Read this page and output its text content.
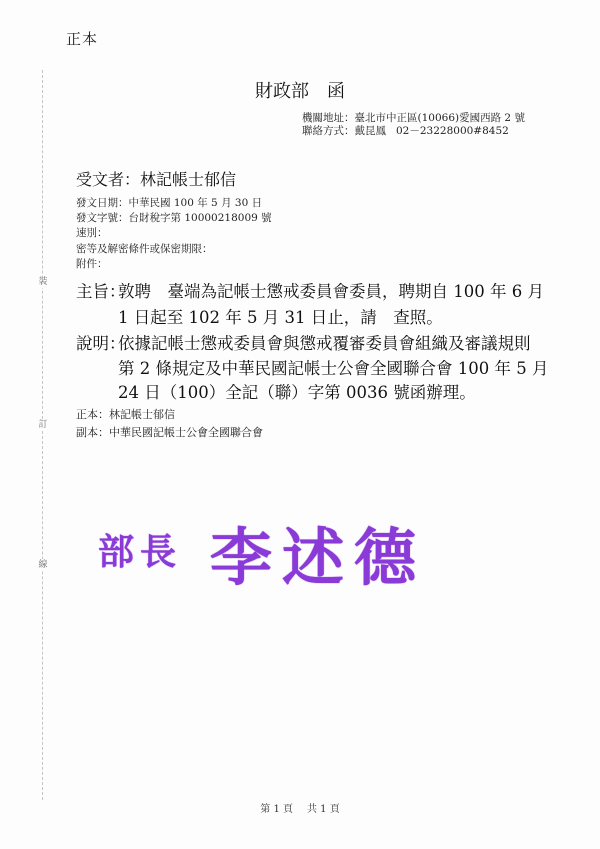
正本
裝
訂
線
財政部 函
機關地址：臺北市中正區(10066)愛國西路 2 號
聯絡方式：戴昆鳳 02－23228000#8452
受文者：林記帳士郁信
發文日期：中華民國 100 年 5 月 30 日
發文字號：台財稅字第 10000218009 號
速別：
密等及解密條件或保密期限：
附件：
主旨：
敦聘　臺端為記帳士懲戒委員會委員，聘期自 100 年 6 月
1 日起至 102 年 5 月 31 日止，請　查照。
說明：
依據記帳士懲戒委員會與懲戒覆審委員會組織及審議規則
第 2 條規定及中華民國記帳士公會全國聯合會 100 年 5 月
24 日（100）全記（聯）字第 0036 號函辦理。
正本：林記帳士郁信
副本：中華民國記帳士公會全國聯合會
部長 李述德
第 1 頁 共 1 頁
